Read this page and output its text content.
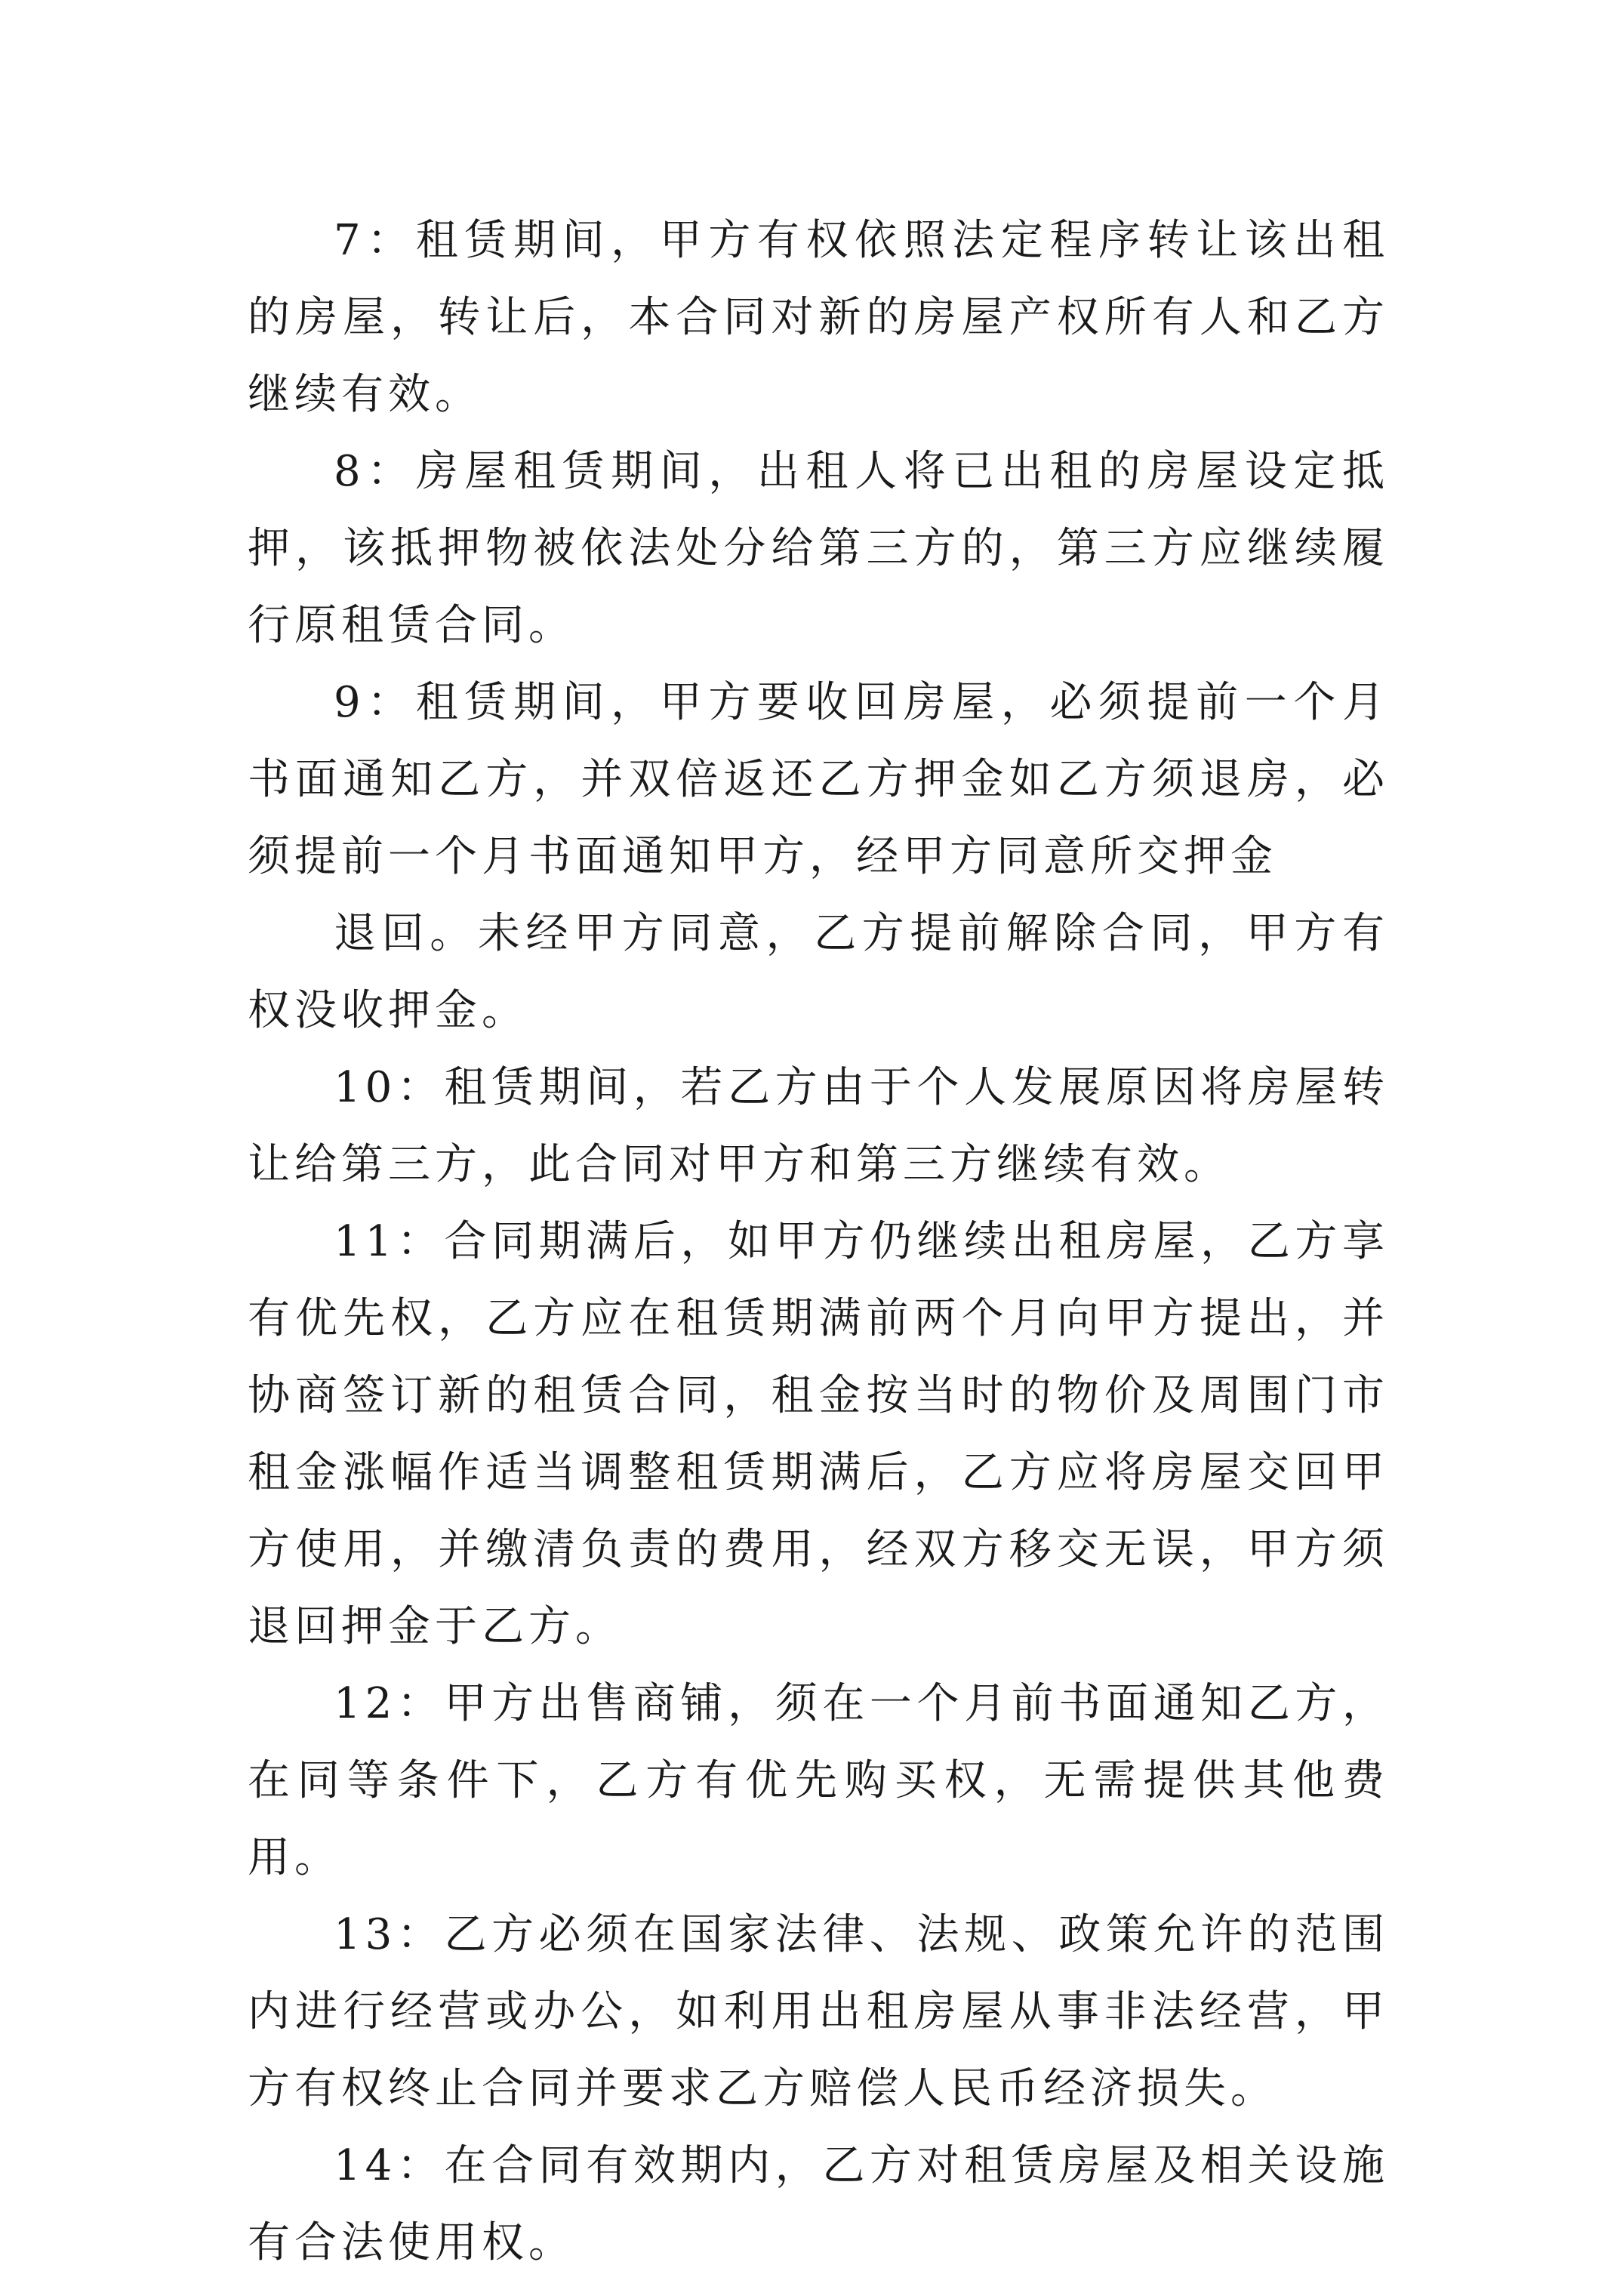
7：租赁期间，甲方有权依照法定程序转让该出租的房屋，转让后，本合同对新的房屋产权所有人和乙方继续有效。

8：房屋租赁期间，出租人将已出租的房屋设定抵押，该抵押物被依法处分给第三方的，第三方应继续履行原租赁合同。

9：租赁期间，甲方要收回房屋，必须提前一个月书面通知乙方，并双倍返还乙方押金如乙方须退房，必须提前一个月书面通知甲方，经甲方同意所交押金

退回。未经甲方同意，乙方提前解除合同，甲方有权没收押金。

10：租赁期间，若乙方由于个人发展原因将房屋转让给第三方，此合同对甲方和第三方继续有效。

11：合同期满后，如甲方仍继续出租房屋，乙方享有优先权，乙方应在租赁期满前两个月向甲方提出，并协商签订新的租赁合同，租金按当时的物价及周围门市租金涨幅作适当调整租赁期满后，乙方应将房屋交回甲方使用，并缴清负责的费用，经双方移交无误，甲方须退回押金于乙方。

12：甲方出售商铺，须在一个月前书面通知乙方，在同等条件下，乙方有优先购买权，无需提供其他费用。

13：乙方必须在国家法律、法规、政策允许的范围内进行经营或办公，如利用出租房屋从事非法经营，甲方有权终止合同并要求乙方赔偿人民币经济损失。

14：在合同有效期内，乙方对租赁房屋及相关设施有合法使用权。
